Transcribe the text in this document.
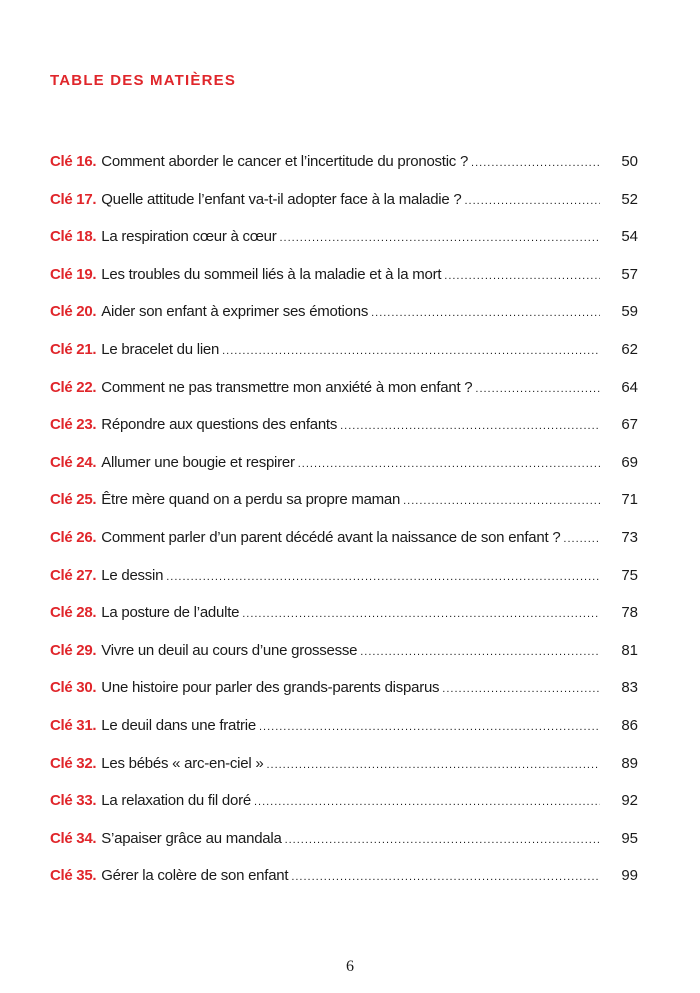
TABLE DES MATIÈRES
Clé 16. Comment aborder le cancer et l’incertitude du pronostic ? .....	50
Clé 17. Quelle attitude l’enfant va-t-il adopter face à la maladie ? .....	52
Clé 18. La respiration cœur à cœur .....	54
Clé 19. Les troubles du sommeil liés à la maladie et à la mort .....	57
Clé 20. Aider son enfant à exprimer ses émotions .....	59
Clé 21. Le bracelet du lien .....	62
Clé 22. Comment ne pas transmettre mon anxiété à mon enfant ? .....	64
Clé 23. Répondre aux questions des enfants .....	67
Clé 24. Allumer une bougie et respirer .....	69
Clé 25. Être mère quand on a perdu sa propre maman .....	71
Clé 26. Comment parler d’un parent décédé avant la naissance de son enfant ? .....	73
Clé 27. Le dessin .....	75
Clé 28. La posture de l’adulte .....	78
Clé 29. Vivre un deuil au cours d’une grossesse .....	81
Clé 30. Une histoire pour parler des grands-parents disparus .....	83
Clé 31. Le deuil dans une fratrie .....	86
Clé 32. Les bébés « arc-en-ciel » .....	89
Clé 33. La relaxation du fil doré .....	92
Clé 34. S’apaiser grâce au mandala .....	95
Clé 35. Gérer la colère de son enfant .....	99
6
